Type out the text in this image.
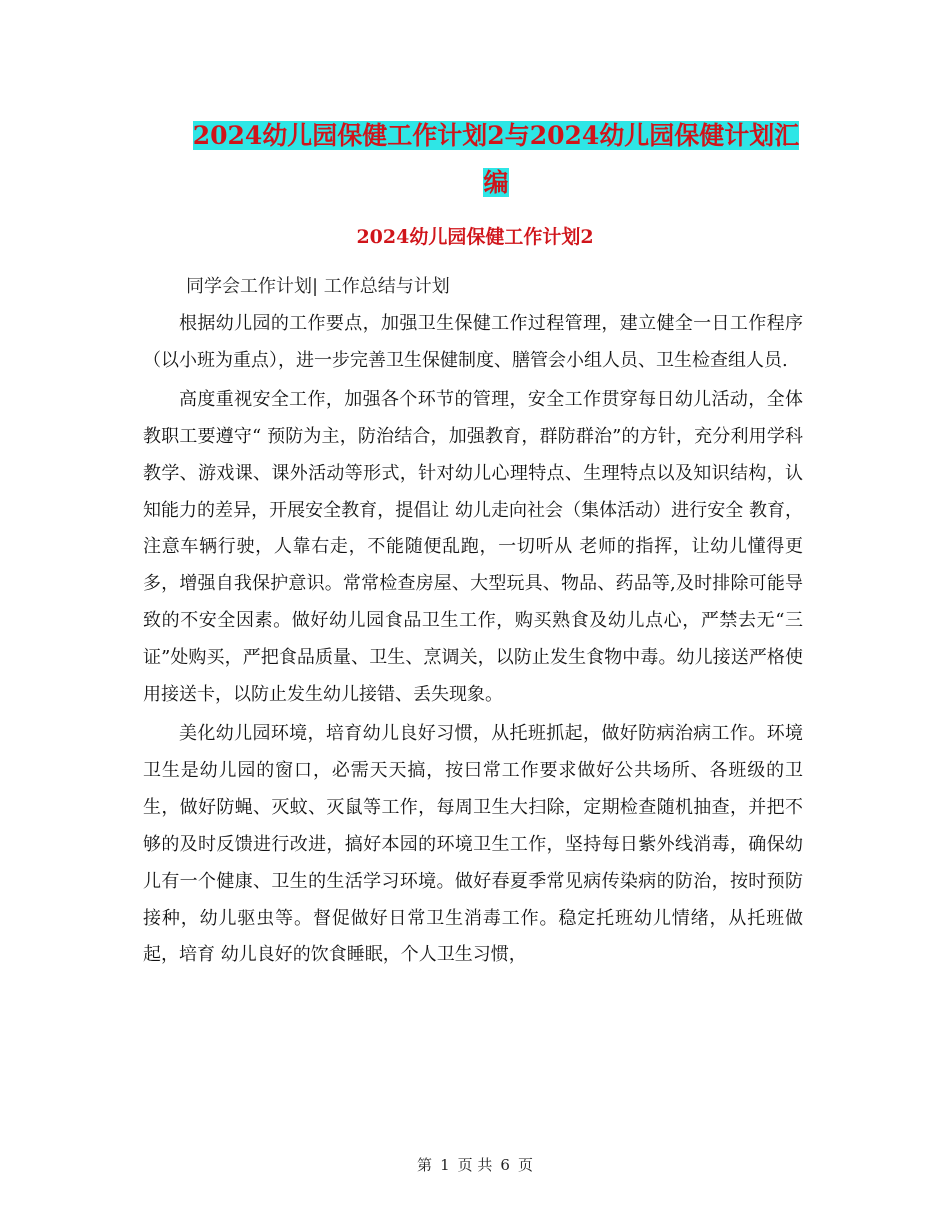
2024幼儿园保健工作计划2与2024幼儿园保健计划汇编
2024幼儿园保健工作计划2
同学会工作计划| 工作总结与计划

根据幼儿园的工作要点，加强卫生保健工作过程管理，建立健全一日工作程序（以小班为重点），进一步完善卫生保健制度、膳管会小组人员、卫生检查组人员.

高度重视安全工作，加强各个环节的管理，安全工作贯穿每日幼儿活动，全体教职工要遵守“ 预防为主，防治结合，加强教育，群防群治”的方针，充分利用学科教学、游戏课、课外活动等形式，针对幼儿心理特点、生理特点以及知识结构，认知能力的差异，开展安全教育，提倡让 幼儿走向社会（集体活动）进行安全 教育，注意车辆行驶，人靠右走，不能随便乱跑，一切听从 老师的指挥，让幼儿懂得更多，增强自我保护意识。常常检查房屋、大型玩具、物品、药品等,及时排除可能导致的不安全因素。做好幼儿园食品卫生工作，购买熟食及幼儿点心，严禁去无“三证”处购买，严把食品质量、卫生、烹调关，以防止发生食物中毒。幼儿接送严格使用接送卡，以防止发生幼儿接错、丢失现象。

美化幼儿园环境，培育幼儿良好习惯，从托班抓起，做好防病治病工作。环境卫生是幼儿园的窗口，必需天天搞，按曰常工作要求做好公共场所、各班级的卫生，做好防蝇、灭蚊、灭鼠等工作，每周卫生大扫除，定期检查随机抽查，并把不够的及时反馈进行改进，搞好本园的环境卫生工作，坚持每日紫外线消毒，确保幼儿有一个健康、卫生的生活学习环境。做好春夏季常见病传染病的防治，按时预防接种，幼儿驱虫等。督促做好日常卫生消毒工作。稳定托班幼儿情绪，从托班做起，培育 幼儿良好的饮食睡眠，个人卫生习惯，

第 1 页 共 6 页
